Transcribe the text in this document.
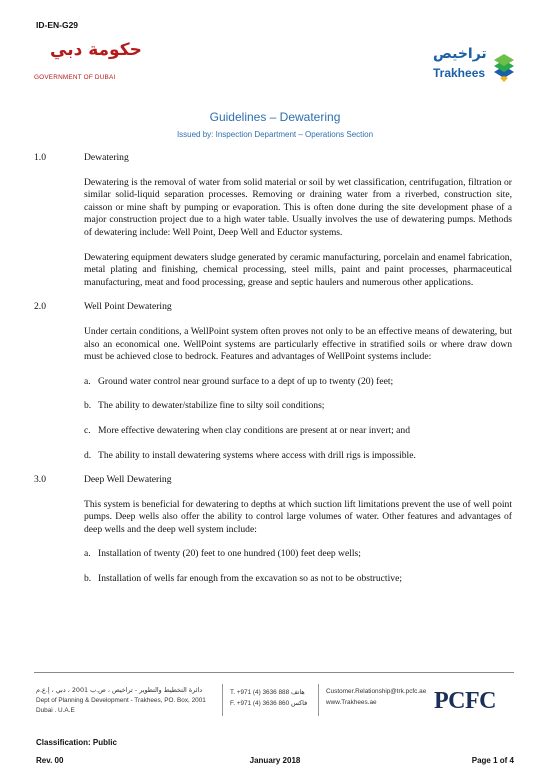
ID-EN-G29
حكومة دبي
GOVERNMENT OF DUBAI
تراخيص
Trakhees
Guidelines – Dewatering
Issued by: Inspection Department – Operations Section
1.0	Dewatering

Dewatering is the removal of water from solid material or soil by wet classification, centrifugation, filtration or similar solid-liquid separation processes. Removing or draining water from a riverbed, construction site, caisson or mine shaft by pumping or evaporation. This is often done during the site development phase of a major construction project due to a high water table. Usually involves the use of dewatering pumps. Methods of dewatering include: Well Point, Deep Well and Eductor systems.

Dewatering equipment dewaters sludge generated by ceramic manufacturing, porcelain and enamel fabrication, metal plating and finishing, chemical processing, steel mills, paint and paint processes, pharmaceutical manufacturing, meat and food processing, grease and septic haulers and numerous other applications.

2.0	Well Point Dewatering

Under certain conditions, a WellPoint system often proves not only to be an effective means of dewatering, but also an economical one. WellPoint systems are particularly effective in stratified soils or where draw down must be achieved close to bedrock. Features and advantages of WellPoint systems include:

a. Ground water control near ground surface to a dept of up to twenty (20) feet;
b. The ability to dewater/stabilize fine to silty soil conditions;
c. More effective dewatering when clay conditions are present at or near invert; and
d. The ability to install dewatering systems where access with drill rigs is impossible.
3.0	Deep Well Dewatering

This system is beneficial for dewatering to depths at which suction lift limitations prevent the use of well point pumps. Deep wells also offer the ability to control large volumes of water. Other features and advantages of deep wells and the deep well system include:

a. Installation of twenty (20) feet to one hundred (100) feet deep wells;
b. Installation of wells far enough from the excavation so as not to be obstructive;
دائرة التخطيط والتطوير - تراخيص ، ص.ب 2001 ، دبي ، إ.ع.م
Dept of Planning & Development - Trakhees, PO. Box, 2001
Dubai . U.A.E
T. +971 (4) 3636 888 هاتف
F. +971 (4) 3636 860 فاكس
Customer.Relationship@trk.pcfc.ae
www.Trakhees.ae PCFC
Classification: Public
Rev. 00	January 2018	Page 1 of 4
